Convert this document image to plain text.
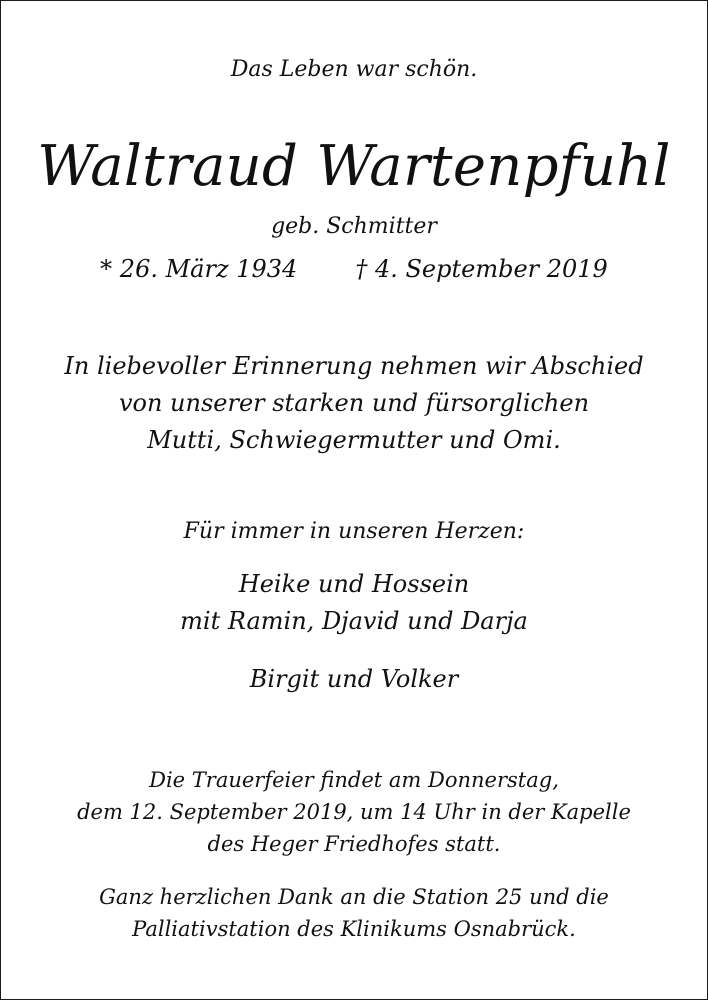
Das Leben war schön.
Waltraud Wartenpfuhl
geb. Schmitter
* 26. März 1934 † 4. September 2019
In liebevoller Erinnerung nehmen wir Abschied
von unserer starken und fürsorglichen
Mutti, Schwiegermutter und Omi.
Für immer in unseren Herzen:
Heike und Hossein
mit Ramin, Djavid und Darja
Birgit und Volker
Die Trauerfeier findet am Donnerstag,
dem 12. September 2019, um 14 Uhr in der Kapelle
des Heger Friedhofes statt.
Ganz herzlichen Dank an die Station 25 und die
Palliativstation des Klinikums Osnabrück.
